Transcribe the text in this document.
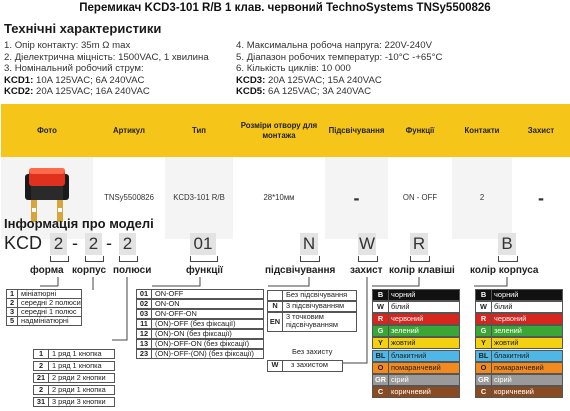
Перемикач KCD3-101 R/B 1 клав. червоний TechnoSystems TNSy5500826
Технічні характеристики
1. Опір контакту: 35m Ω max
2. Діелектрична міцність: 1500VAC, 1 хвилина
3. Номінальний робочий струм:
KCD1: 10A 125VAC; 6A 240VAC
KCD2: 20A 125VAC; 16A 240VAC
4. Максимальна робоча напруга: 220V-240V
5. Діапазон робочих температур: -10°C -+65°C
6. Кількість циклів: 10 000
KCD3: 20A 125VAC; 15A 240VAC
KCD5: 6A 125VAC; 3A 240VAC
Фото	Артикул	Тип	Розміри отвору для монтажа	Підсвічування	Функції	Контакти	Захист
	TNSy5500826	KCD3-101 R/B	28*10мм	-	ON - OFF	2	-
Інформація про моделі
KCD 2 - 2 - 2	01	N	W R	B
форма корпус полюси	функції	підсвічування захист колір клавіші колір корпуса
1 мініатюрні
2 середні 2 полюси
3 середні 1 полюс
5 надмініатюрні
1	1 ряд 1 кнопка
2	1 ряд 1 кнопка
21 2 ряди 2 кнопки
2	2 ряди 1 кнопка
31 3 ряди 3 кнопки
01 ON-OFF
02 ON-ON
03 ON-OFF-ON
11 (ON)-OFF (без фіксації)
12 (ON)-ON (без фіксації)
13 (ON)-OFF-ON (без фіксації)
23 (ON)-OFF-(ON) (без фіксації)
Без підсвічування
N	3 підсвічуванням
EN
3 точковим підсвічуванням
Без захисту
W	з захистом
B	чорний
W білий
R	червоний
G	зелений
Y	жовтий
BL блакитний
O	помаранчевий
GR сірий
C	коричневий
B	чорний
W білий
R	червоний
G	зелений
Y	жовтий
BL блакитний
O	помаранчевий
GR сірий
C	коричневий
